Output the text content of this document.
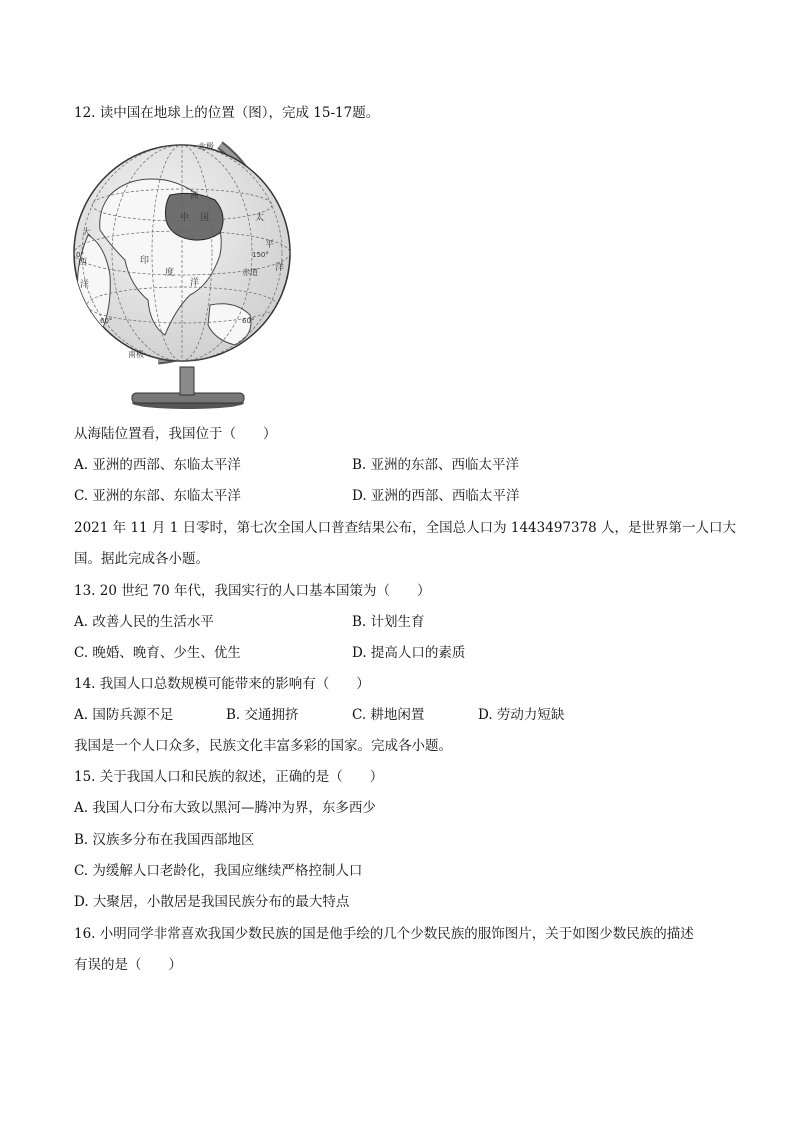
12. 读中国在地球上的位置（图），完成 15-17题。
北极
南极
中 国
洲
赤道
大
西
洋
印
度
洋
太
平
洋
60°	60°
0°	150°
从海陆位置看，我国位于（　　）
A. 亚洲的西部、东临太平洋	B. 亚洲的东部、西临太平洋
C. 亚洲的东部、东临太平洋	D. 亚洲的西部、西临太平洋
2021 年 11 月 1 日零时，第七次全国人口普查结果公布，全国总人口为 1443497378 人，是世界第一人口大
国。据此完成各小题。
13. 20 世纪 70 年代，我国实行的人口基本国策为（　　）
A. 改善人民的生活水平	B. 计划生育
C. 晚婚、晚育、少生、优生	D. 提高人口的素质
14. 我国人口总数规模可能带来的影响有（　　）
A. 国防兵源不足	B. 交通拥挤	C. 耕地闲置	D. 劳动力短缺
我国是一个人口众多，民族文化丰富多彩的国家。完成各小题。
15. 关于我国人口和民族的叙述，正确的是（　　）
A. 我国人口分布大致以黑河—腾冲为界，东多西少
B. 汉族多分布在我国西部地区
C. 为缓解人口老龄化，我国应继续严格控制人口
D. 大聚居，小散居是我国民族分布的最大特点
16. 小明同学非常喜欢我国少数民族的国是他手绘的几个少数民族的服饰图片，关于如图少数民族的描述
有误的是（　　）
